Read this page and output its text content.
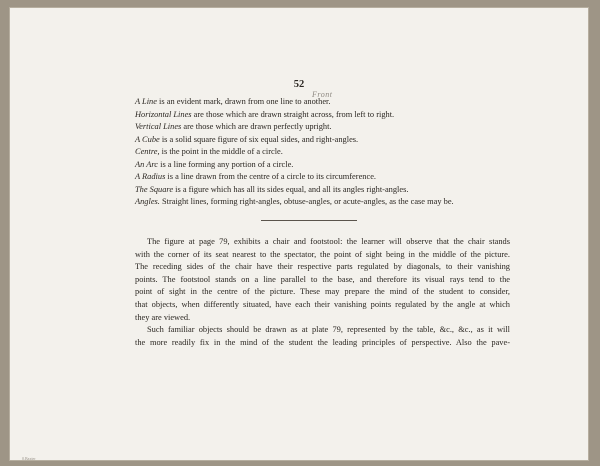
52
Front
A Line is an evident mark, drawn from one line to another.
Horizontal Lines are those which are drawn straight across, from left to right.
Vertical Lines are those which are drawn perfectly upright.
A Cube is a solid square figure of six equal sides, and right-angles.
Centre, is the point in the middle of a circle.
An Arc is a line forming any portion of a circle.
A Radius is a line drawn from the centre of a circle to its circumference.
The Square is a figure which has all its sides equal, and all its angles right-angles.
Angles. Straight lines, forming right-angles, obtuse-angles, or acute-angles, as the case may be.

The figure at page 79, exhibits a chair and footstool: the learner will observe that the chair stands
with the corner of its seat nearest to the spectator, the point of sight being in the middle of the picture.
The receding sides of the chair have their respective parts regulated by diagonals, to their vanishing
points. The footstool stands on a line parallel to the base, and therefore its visual rays tend to the
point of sight in the centre of the picture. These may prepare the mind of the student to consider,
that objects, when differently situated, have each their vanishing points regulated by the angle at which
they are viewed.

Such familiar objects should be drawn as at plate 79, represented by the table, &c., &c., as it will
the more readily fix in the mind of the student the leading principles of perspective. Also the pave-

0.Baxter
